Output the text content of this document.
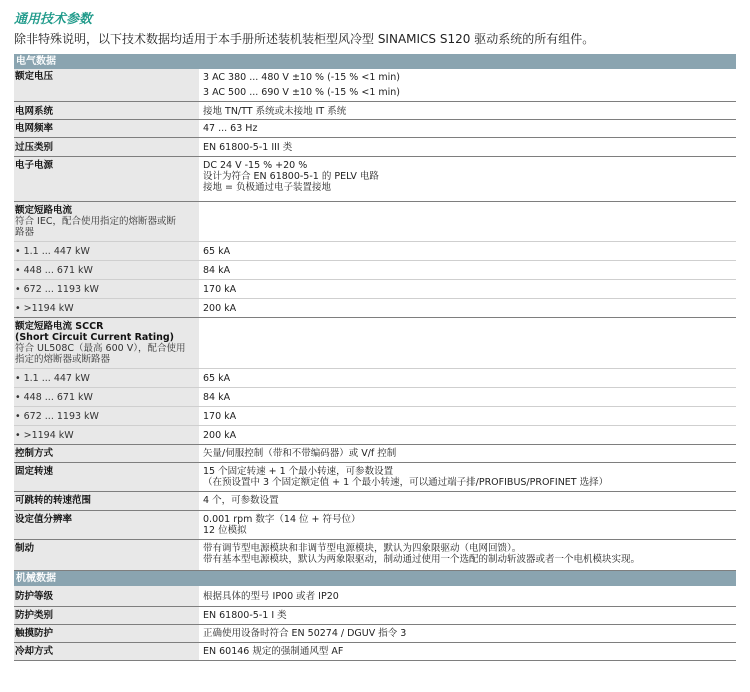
通用技术参数
除非特殊说明，以下技术数据均适用于本手册所述装机装柜型风冷型 SINAMICS S120 驱动系统的所有组件。
电气数据
额定电压	3 AC 380 ... 480 V ±10 % (-15 % <1 min)
3 AC 500 ... 690 V ±10 % (-15 % <1 min)
电网系统	接地 TN/TT 系统或未接地 IT 系统
电网频率	47 ... 63 Hz
过压类别	EN 61800-5-1 III 类
电子电源	DC 24 V -15 % +20 %
设计为符合 EN 61800-5-1 的 PELV 电路
接地 = 负极通过电子装置接地
额定短路电流
符合 IEC，配合使用指定的熔断器或断
路器
• 1.1 ... 447 kW	65 kA
• 448 ... 671 kW	84 kA
• 672 ... 1193 kW	170 kA
• >1194 kW	200 kA
额定短路电流 SCCR
(Short Circuit Current Rating)
符合 UL508C（最高 600 V），配合使用
指定的熔断器或断路器
• 1.1 ... 447 kW	65 kA
• 448 ... 671 kW	84 kA
• 672 ... 1193 kW	170 kA
• >1194 kW	200 kA
控制方式	矢量/伺服控制（带和不带编码器）或 V/f 控制
固定转速	15 个固定转速 + 1 个最小转速，可参数设置
（在预设置中 3 个固定额定值 + 1 个最小转速，可以通过端子排/PROFIBUS/PROFINET 选择）
可跳转的转速范围	4 个，可参数设置
设定值分辨率	0.001 rpm 数字（14 位 + 符号位）
12 位模拟
制动	带有调节型电源模块和非调节型电源模块，默认为四象限驱动（电网回馈）。
带有基本型电源模块，默认为两象限驱动，制动通过使用一个选配的制动斩波器或者一个电机模块实现。
机械数据
防护等级	根据具体的型号 IP00 或者 IP20
防护类别	EN 61800-5-1 I 类
触摸防护	正确使用设备时符合 EN 50274 / DGUV 指令 3
冷却方式	EN 60146 规定的强制通风型 AF
